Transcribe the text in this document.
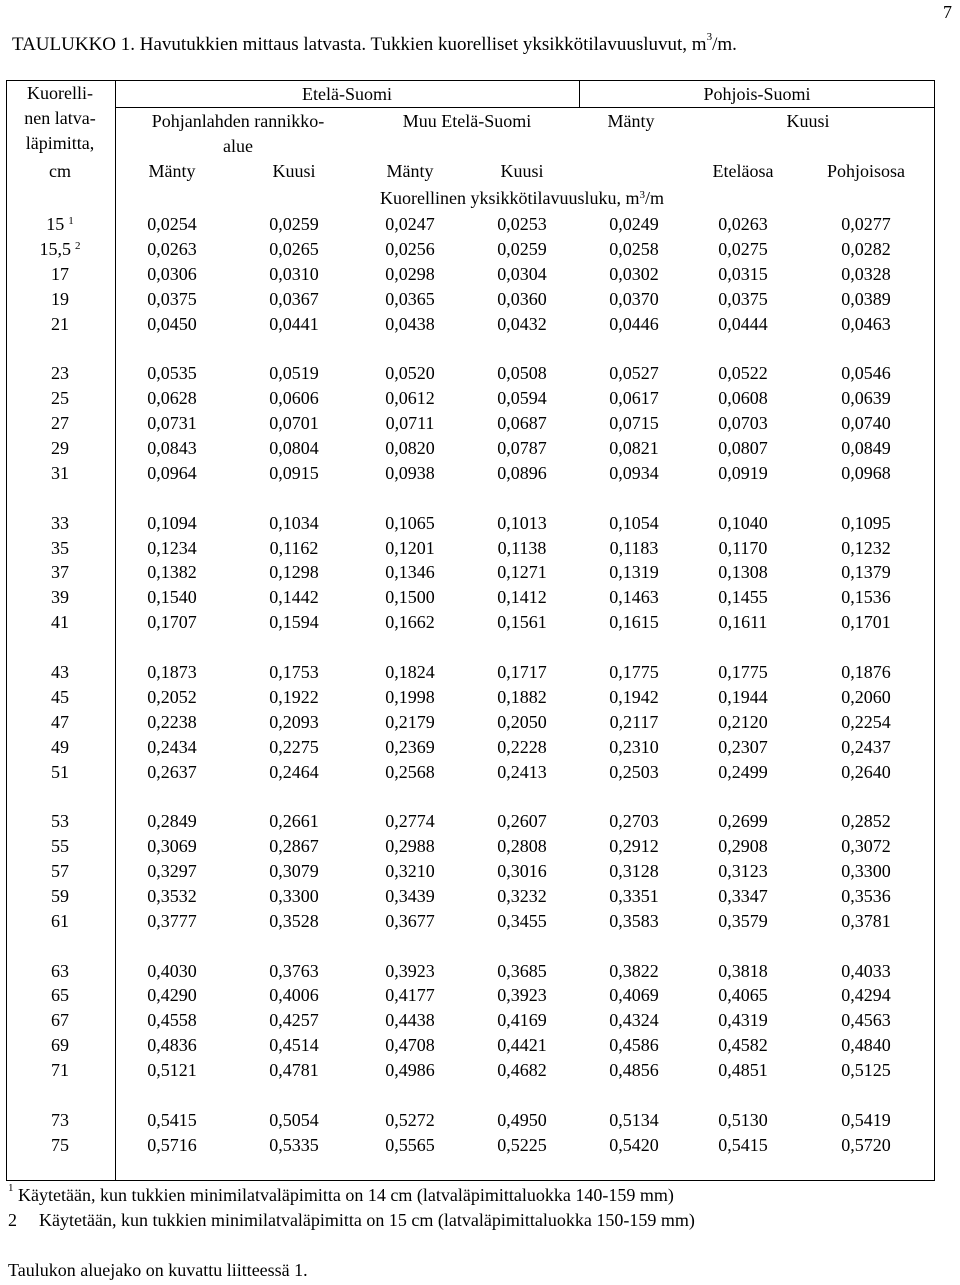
7
TAULUKKO 1. Havutukkien mittaus latvasta. Tukkien kuorelliset yksikkötilavuusluvut, $m^3/m$.
Kuorelli-
nen latva-
läpimitta,
cm
Etelä-Suomi	Pohjois-Suomi
Pohjanlahden rannikko-
alue
Muu Etelä-Suomi	Mänty	Kuusi
Mänty	Kuusi	Mänty	Kuusi	Eteläosa	Pohjoisosa
Kuorellinen yksikkötilavuusluku, $m^3/m$
15 $^1$	0,0254	0,0259	0,0247	0,0253	0,0249	0,0263	0,0277
15,5 $^2$	0,0263	0,0265	0,0256	0,0259	0,0258	0,0275	0,0282
17	0,0306	0,0310	0,0298	0,0304	0,0302	0,0315	0,0328
19	0,0375	0,0367	0,0365	0,0360	0,0370	0,0375	0,0389
21	0,0450	0,0441	0,0438	0,0432	0,0446	0,0444	0,0463
23	0,0535	0,0519	0,0520	0,0508	0,0527	0,0522	0,0546
25	0,0628	0,0606	0,0612	0,0594	0,0617	0,0608	0,0639
27	0,0731	0,0701	0,0711	0,0687	0,0715	0,0703	0,0740
29	0,0843	0,0804	0,0820	0,0787	0,0821	0,0807	0,0849
31	0,0964	0,0915	0,0938	0,0896	0,0934	0,0919	0,0968
33	0,1094	0,1034	0,1065	0,1013	0,1054	0,1040	0,1095
35	0,1234	0,1162	0,1201	0,1138	0,1183	0,1170	0,1232
37	0,1382	0,1298	0,1346	0,1271	0,1319	0,1308	0,1379
39	0,1540	0,1442	0,1500	0,1412	0,1463	0,1455	0,1536
41	0,1707	0,1594	0,1662	0,1561	0,1615	0,1611	0,1701
43	0,1873	0,1753	0,1824	0,1717	0,1775	0,1775	0,1876
45	0,2052	0,1922	0,1998	0,1882	0,1942	0,1944	0,2060
47	0,2238	0,2093	0,2179	0,2050	0,2117	0,2120	0,2254
49	0,2434	0,2275	0,2369	0,2228	0,2310	0,2307	0,2437
51	0,2637	0,2464	0,2568	0,2413	0,2503	0,2499	0,2640
53	0,2849	0,2661	0,2774	0,2607	0,2703	0,2699	0,2852
55	0,3069	0,2867	0,2988	0,2808	0,2912	0,2908	0,3072
57	0,3297	0,3079	0,3210	0,3016	0,3128	0,3123	0,3300
59	0,3532	0,3300	0,3439	0,3232	0,3351	0,3347	0,3536
61	0,3777	0,3528	0,3677	0,3455	0,3583	0,3579	0,3781
63	0,4030	0,3763	0,3923	0,3685	0,3822	0,3818	0,4033
65	0,4290	0,4006	0,4177	0,3923	0,4069	0,4065	0,4294
67	0,4558	0,4257	0,4438	0,4169	0,4324	0,4319	0,4563
69	0,4836	0,4514	0,4708	0,4421	0,4586	0,4582	0,4840
71	0,5121	0,4781	0,4986	0,4682	0,4856	0,4851	0,5125
73	0,5415	0,5054	0,5272	0,4950	0,5134	0,5130	0,5419
75	0,5716	0,5335	0,5565	0,5225	0,5420	0,5415	0,5720
$^1$ Käytetään, kun tukkien minimilatvaläpimitta on 14 cm (latvaläpimittaluokka 140-159 mm)
2 Käytetään, kun tukkien minimilatvaläpimitta on 15 cm (latvaläpimittaluokka 150-159 mm)
Taulukon aluejako on kuvattu liitteessä 1.
